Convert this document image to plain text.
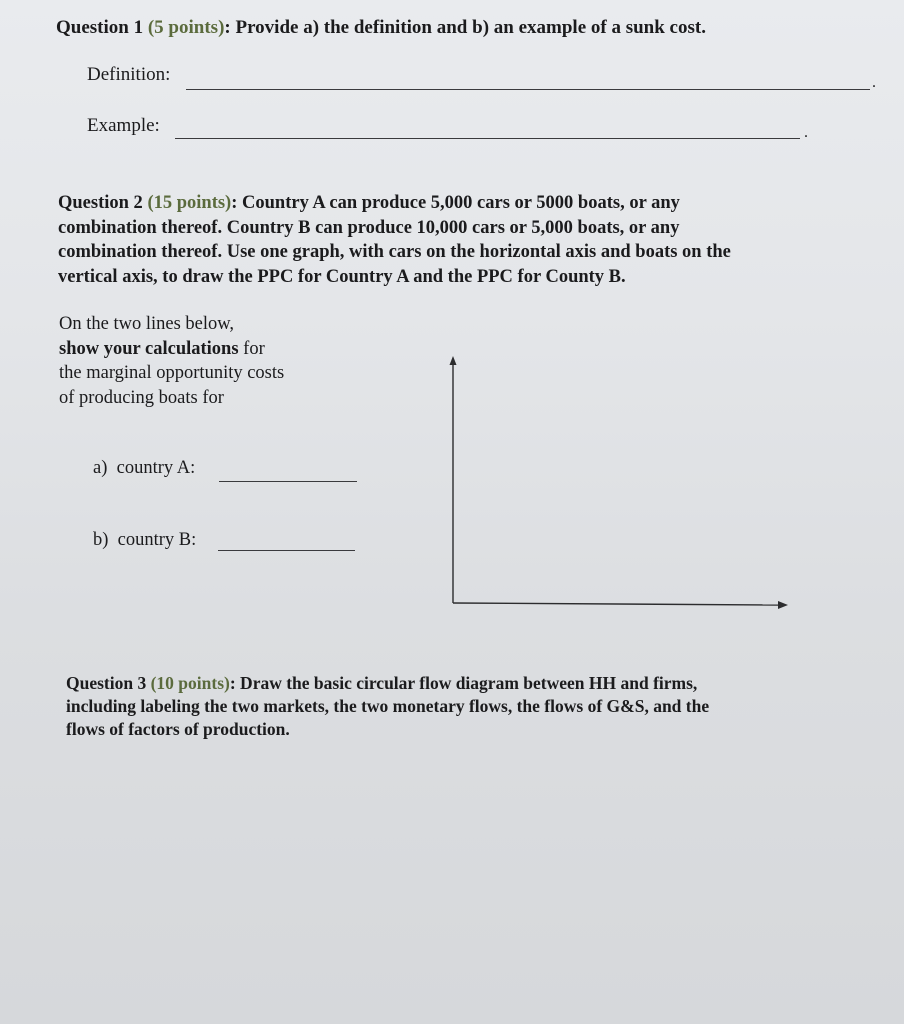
Question 1 (5 points): Provide a) the definition and b) an example of a sunk cost.
Definition:	.
Example:	.
Question 2 (15 points): Country A can produce 5,000 cars or 5000 boats, or any
combination thereof. Country B can produce 10,000 cars or 5,000 boats, or any
combination thereof. Use one graph, with cars on the horizontal axis and boats on the
vertical axis, to draw the PPC for Country A and the PPC for County B.
On the two lines below,
show your calculations for
the marginal opportunity costs
of producing boats for
a)  country A:
b)  country B:
Question 3 (10 points): Draw the basic circular flow diagram between HH and firms,
including labeling the two markets, the two monetary flows, the flows of G&S, and the
flows of factors of production.
